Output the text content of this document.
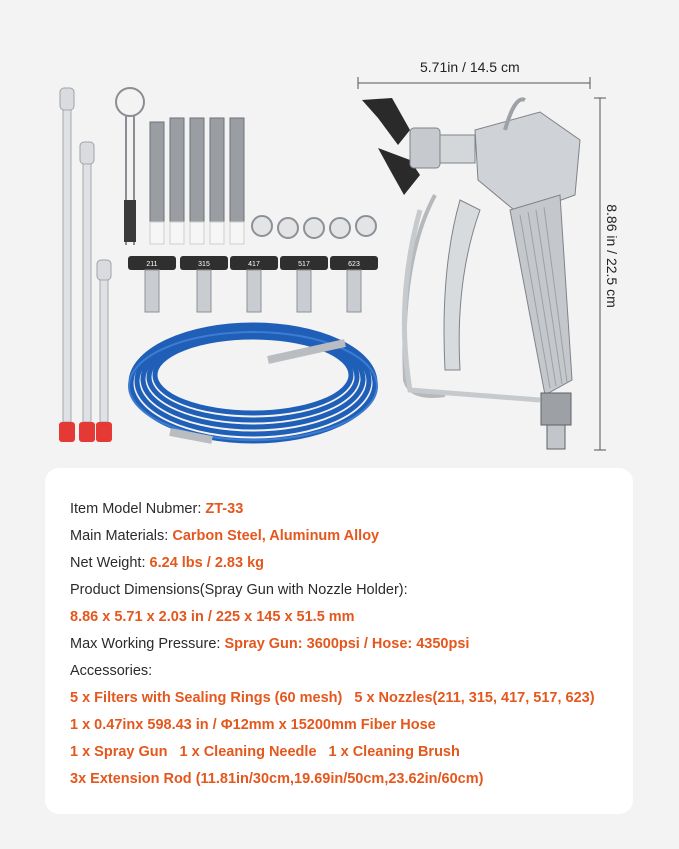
211	315	417	517	623
5.71in / 14.5 cm
8.86 in / 22.5 cm
Item Model Nubmer: ZT-33
Main Materials: Carbon Steel, Aluminum Alloy
Net Weight: 6.24 lbs / 2.83 kg
Product Dimensions(Spray Gun with Nozzle Holder):
8.86 x 5.71 x 2.03 in / 225 x 145 x 51.5 mm
Max Working Pressure: Spray Gun: 3600psi / Hose: 4350psi
Accessories:
5 x Filters with Sealing Rings (60 mesh) 5 x Nozzles(211, 315, 417, 517, 623)
1 x 0.47inx 598.43 in / Φ12mm x 15200mm Fiber Hose
1 x Spray Gun 1 x Cleaning Needle 1 x Cleaning Brush
3x Extension Rod (11.81in/30cm,19.69in/50cm,23.62in/60cm)
